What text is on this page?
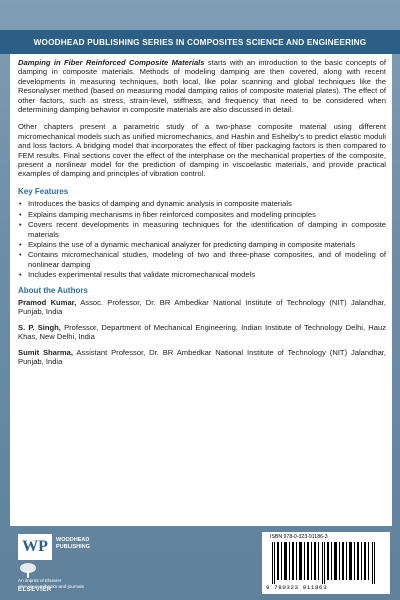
WOODHEAD PUBLISHING SERIES IN COMPOSITES SCIENCE AND ENGINEERING

Damping in Fiber Reinforced Composite Materials starts with an introduction to the basic concepts of damping in composite materials. Methods of modeling damping are then covered, along with recent developments in measuring techniques, both local, like polar scanning and global techniques like the Resonalyser method (based on measuring modal damping ratios of composite material plates). The effect of other factors, such as stress, strain-level, stiffness, and frequency that need to be considered when determining damping behavior in composite materials are also discussed in detail.

Other chapters present a parametric study of a two-phase composite material using different micromechanical models such as unified micromechanics, and Hashin and Eshelby's to predict elastic moduli and loss factors. A bridging model that incorporates the effect of fiber packaging factors is then compared to FEM results. Final sections cover the effect of the interphase on the mechanical properties of the composite, present a nonlinear model for the prediction of damping in viscoelastic materials, and provide practical examples of damping and principles of vibration control.

Key Features
• Introduces the basics of damping and dynamic analysis in composite materials
• Explains damping mechanisms in fiber reinforced composites and modeling principles
• Covers recent developments in measuring techniques for the identification of damping in composite materials
• Explains the use of a dynamic mechanical analyzer for predicting damping in composite materials
• Contains micromechanical studies, modeling of two and three-phase composites, and of modeling of nonlinear damping
• Includes experimental results that validate micromechanical models
About the Authors

Pramod Kumar, Assoc. Professor, Dr. BR Ambedkar National Institute of Technology (NIT) Jalandhar, Punjab, India

S. P. Singh, Professor, Department of Mechanical Engineering, Indian Institute of Technology Delhi, Hauz Khas, New Delhi, India

Sumit Sharma, Assistant Professor, Dr. BR Ambedkar National Institute of Technology (NIT) Jalandhar, Punjab, India

WP	WOODHEAD
PUBLISHING
An imprint of Elsevier
elsevier.com/books-and-journals
ELSEVIER
ISBN 978-0-323-91186-3
9 780323 911863
